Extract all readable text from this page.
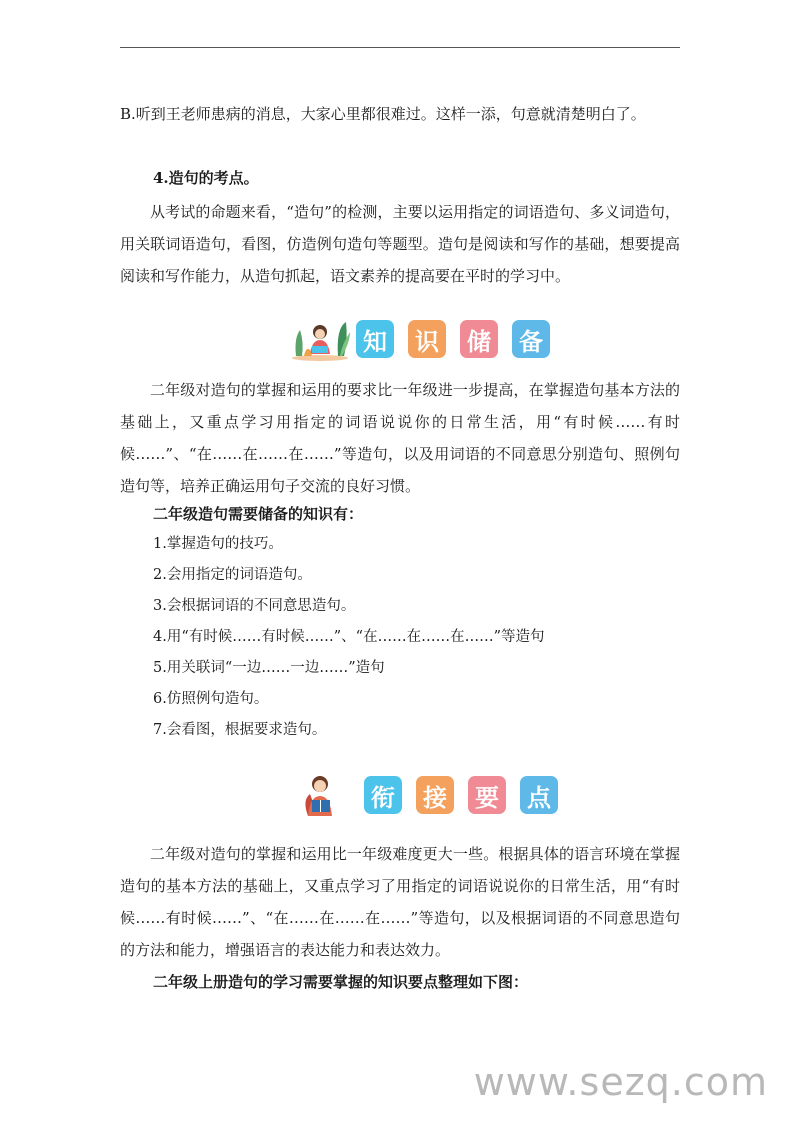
B.听到王老师患病的消息，大家心里都很难过。这样一添，句意就清楚明白了。

4.造句的考点。

从考试的命题来看，“造句”的检测，主要以运用指定的词语造句、多义词造句，用关联词语造句，看图，仿造例句造句等题型。造句是阅读和写作的基础，想要提高阅读和写作能力，从造句抓起，语文素养的提高要在平时的学习中。

知 识 储 备

二年级对造句的掌握和运用的要求比一年级进一步提高，在掌握造句基本方法的基础上，又重点学习用指定的词语说说你的日常生活，用“有时候……有时候……”、“在……在……在……”等造句，以及用词语的不同意思分别造句、照例句造句等，培养正确运用句子交流的良好习惯。

二年级造句需要储备的知识有：

1.掌握造句的技巧。
2.会用指定的词语造句。
3.会根据词语的不同意思造句。
4.用“有时候……有时候……”、“在……在……在……”等造句
5.用关联词“一边……一边……”造句
6.仿照例句造句。
7.会看图，根据要求造句。
衔 接 要 点

二年级对造句的掌握和运用比一年级难度更大一些。根据具体的语言环境在掌握造句的基本方法的基础上，又重点学习了用指定的词语说说你的日常生活，用“有时候……有时候……”、“在……在……在……”等造句，以及根据词语的不同意思造句的方法和能力，增强语言的表达能力和表达效力。

二年级上册造句的学习需要掌握的知识要点整理如下图：

www.sezq.com
